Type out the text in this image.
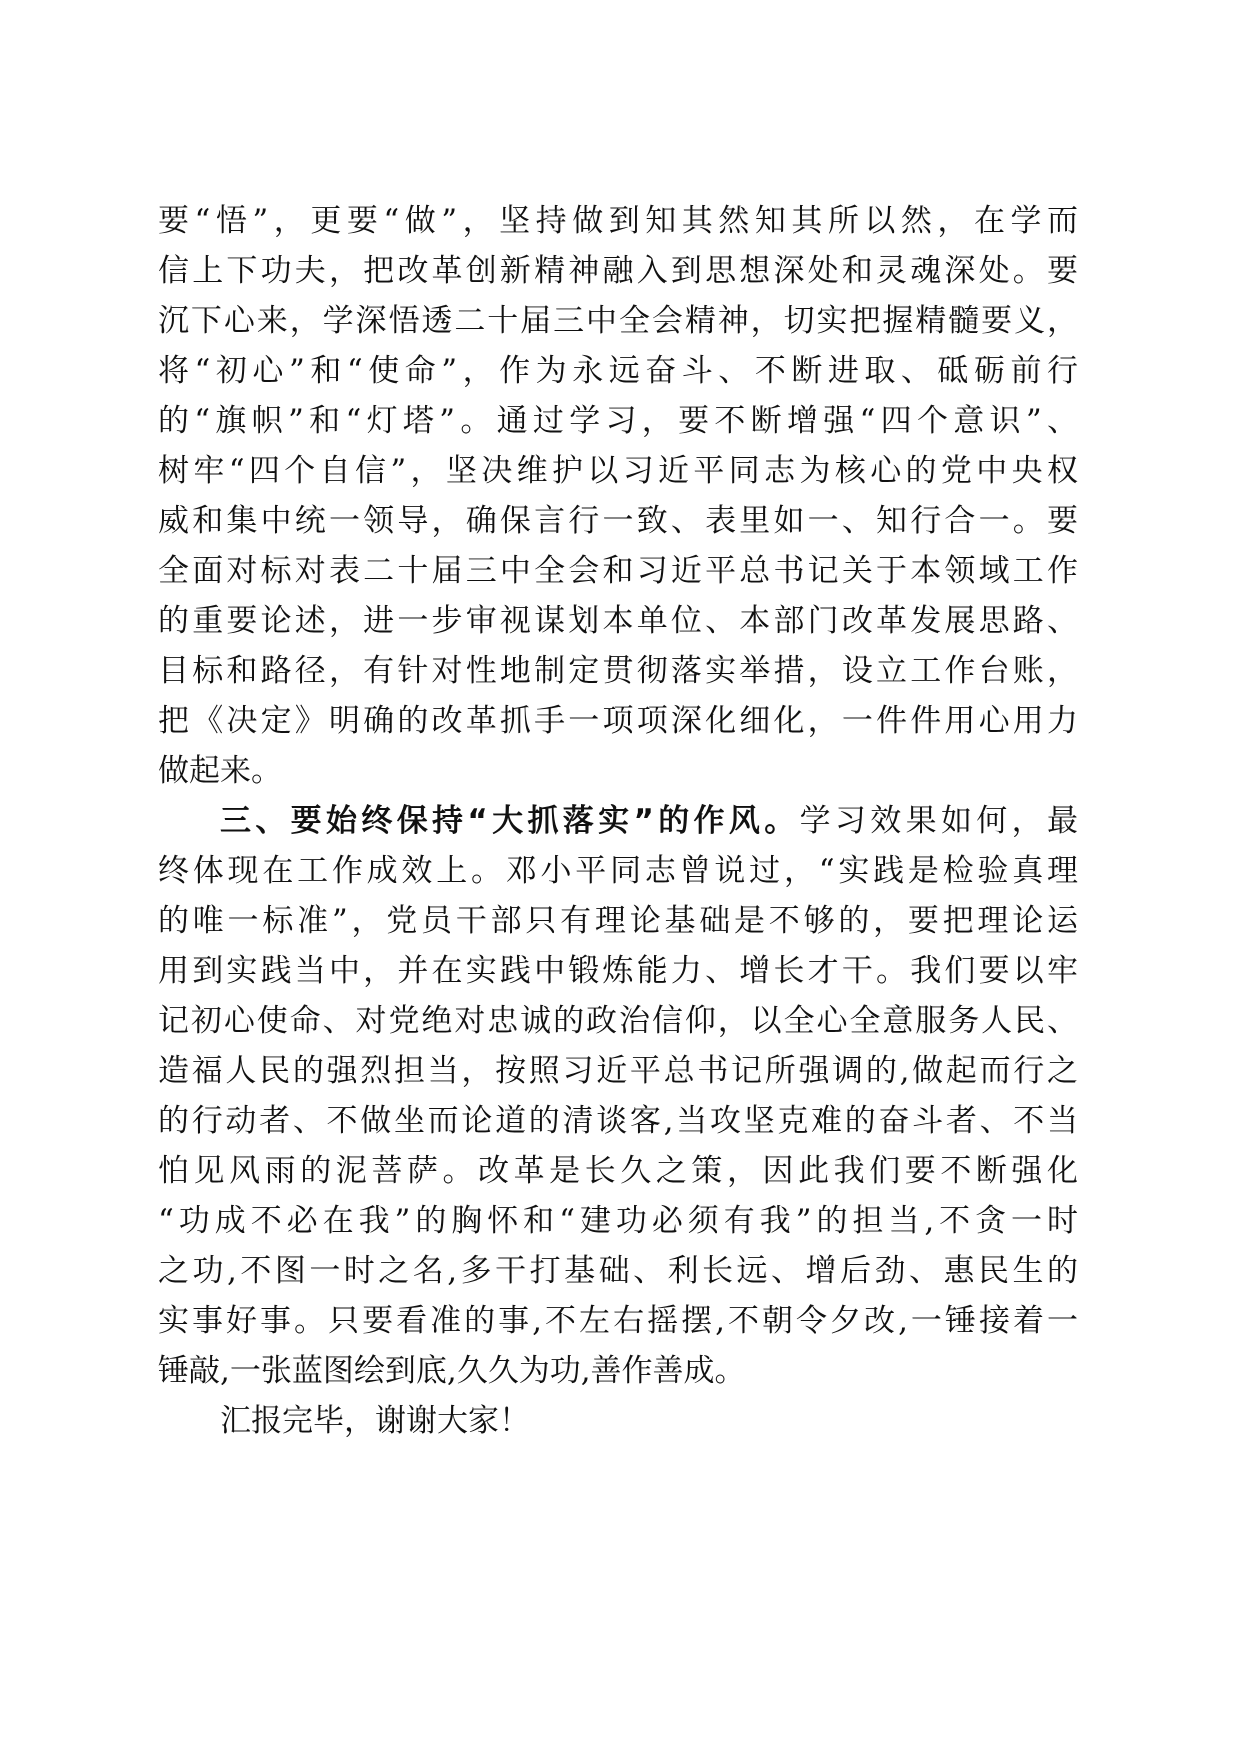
要“悟”，更要“做”，坚持做到知其然知其所以然，在学而
信上下功夫，把改革创新精神融入到思想深处和灵魂深处。要
沉下心来，学深悟透二十届三中全会精神，切实把握精髓要义，
将“初心”和“使命”，作为永远奋斗、不断进取、砥砺前行
的“旗帜”和“灯塔”。通过学习，要不断增强“四个意识”、
树牢“四个自信”，坚决维护以习近平同志为核心的党中央权
威和集中统一领导，确保言行一致、表里如一、知行合一。要
全面对标对表二十届三中全会和习近平总书记关于本领域工作
的重要论述，进一步审视谋划本单位、本部门改革发展思路、
目标和路径，有针对性地制定贯彻落实举措，设立工作台账，
把《决定》明确的改革抓手一项项深化细化，一件件用心用力
做起来。
三、要始终保持“大抓落实”的作风。学习效果如何，最
终体现在工作成效上。邓小平同志曾说过，“实践是检验真理
的唯一标准”，党员干部只有理论基础是不够的，要把理论运
用到实践当中，并在实践中锻炼能力、增长才干。我们要以牢
记初心使命、对党绝对忠诚的政治信仰，以全心全意服务人民、
造福人民的强烈担当，按照习近平总书记所强调的,做起而行之
的行动者、不做坐而论道的清谈客,当攻坚克难的奋斗者、不当
怕见风雨的泥菩萨。改革是长久之策，因此我们要不断强化
“功成不必在我”的胸怀和“建功必须有我”的担当,不贪一时
之功,不图一时之名,多干打基础、利长远、增后劲、惠民生的
实事好事。只要看准的事,不左右摇摆,不朝令夕改,一锤接着一
锤敲,一张蓝图绘到底,久久为功,善作善成。
汇报完毕，谢谢大家！
